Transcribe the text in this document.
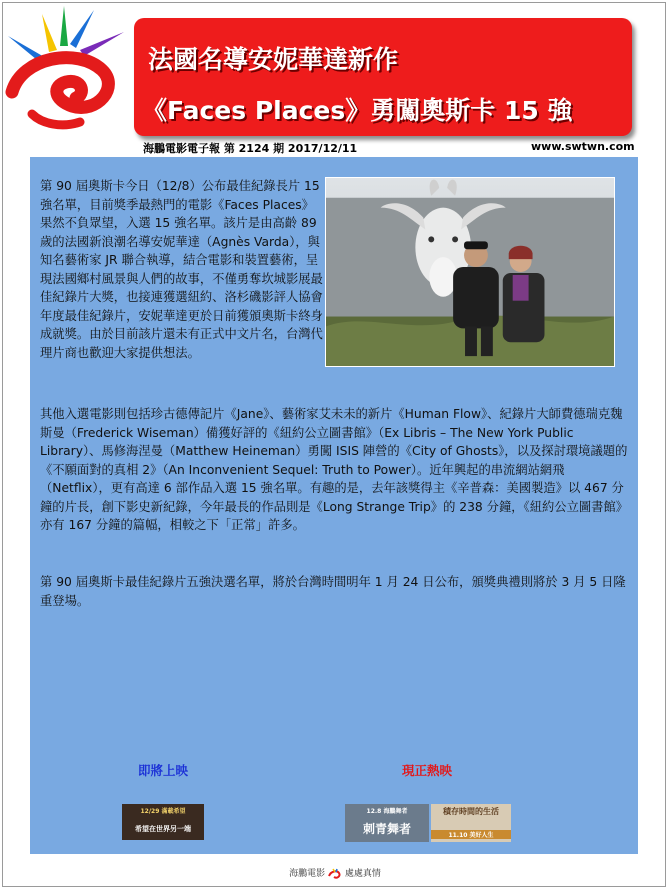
法國名導安妮華達新作
《Faces Places》勇闖奧斯卡 15 強
海鵬電影電子報 第 2124 期 2017/12/11	www.swtwn.com
第 90 屆奧斯卡今日（12/8）公布最佳紀錄長片 15 強名單，目前獎季最熱門的電影《Faces Places》果然不負眾望，入選 15 強名單。該片是由高齡 89 歲的法國新浪潮名導安妮華達（Agnès Varda），與知名藝術家 JR 聯合執導，結合電影和裝置藝術，呈現法國鄉村風景與人們的故事，不僅勇奪坎城影展最佳紀錄片大獎，也接連獲選紐約、洛杉磯影評人協會年度最佳紀錄片，安妮華達更於日前獲頒奧斯卡終身成就獎。由於目前該片還未有正式中文片名，台灣代理片商也歡迎大家提供想法。
其他入選電影則包括珍古德傳記片《Jane》、藝術家艾未未的新片《Human Flow》、紀錄片大師費德瑞克魏斯曼（Frederick Wiseman）備獲好評的《紐約公立圖書館》（Ex Libris – The New York Public Library）、馬修海涅曼（Matthew Heineman）勇闖 ISIS 陣營的《City of Ghosts》，以及探討環境議題的《不願面對的真相 2》（An Inconvenient Sequel: Truth to Power）。近年興起的串流網站網飛（Netflix），更有高達 6 部作品入選 15 強名單。有趣的是，去年該獎得主《辛普森：美國製造》以 467 分鐘的片長，創下影史新紀錄，今年最長的作品則是《Long Strange Trip》的 238 分鐘，《紐約公立圖書館》亦有 167 分鐘的篇幅，相較之下「正常」許多。
第 90 屆奧斯卡最佳紀錄片五強決選名單，將於台灣時間明年 1 月 24 日公布，頒獎典禮則將於 3 月 5 日隆重登場。
即將上映	現正熱映
12/29 滿載希望
希望在世界另一端
12.8 海鵬舞者
刺青舞者
積存時間的生活
11.10 美好人生
海鵬電影 處處真情
